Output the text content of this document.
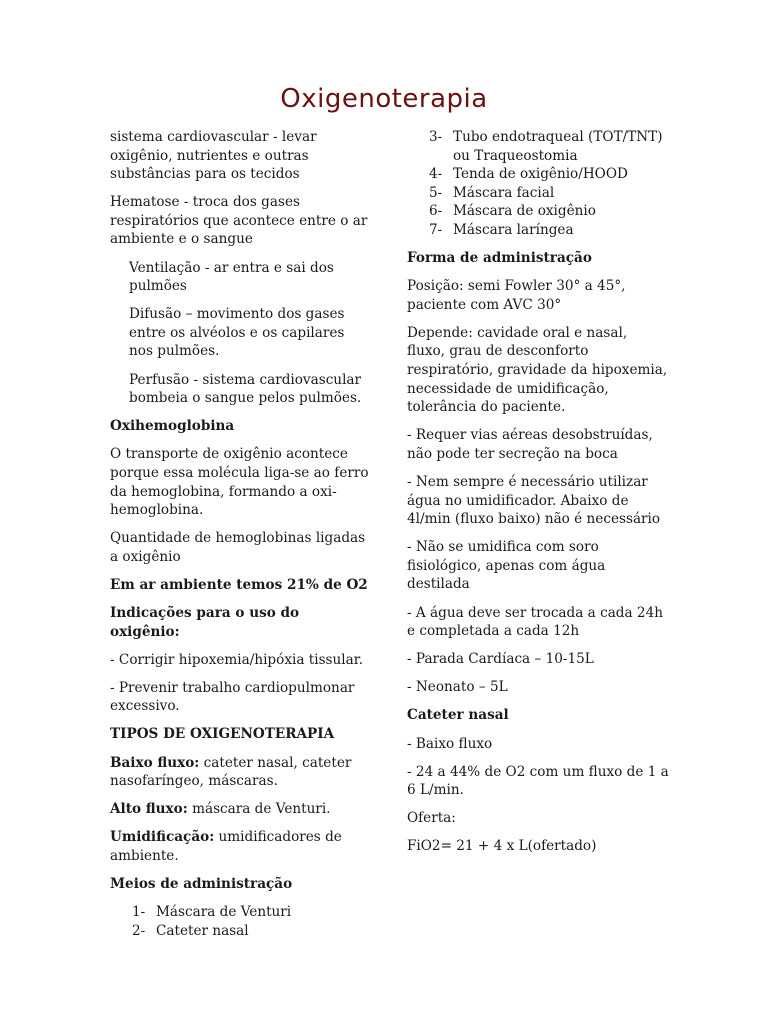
Oxigenoterapia

sistema cardiovascular - levar oxigênio, nutrientes e outras substâncias para os tecidos

Hematose - troca dos gases respiratórios que acontece entre o ar ambiente e o sangue

Ventilação - ar entra e sai dos pulmões

Difusão – movimento dos gases entre os alvéolos e os capilares nos pulmões.

Perfusão - sistema cardiovascular bombeia o sangue pelos pulmões.

Oxihemoglobina

O transporte de oxigênio acontece porque essa molécula liga-se ao ferro da hemoglobina, formando a oxi-hemoglobina.

Quantidade de hemoglobinas ligadas a oxigênio

Em ar ambiente temos 21% de O2

Indicações para o uso do oxigênio:

- Corrigir hipoxemia/hipóxia tissular.

- Prevenir trabalho cardiopulmonar excessivo.

TIPOS DE OXIGENOTERAPIA

Baixo fluxo: cateter nasal, cateter nasofaríngeo, máscaras.

Alto fluxo: máscara de Venturi.

Umidificação: umidificadores de ambiente.

Meios de administração

1- Máscara de Venturi
2- Cateter nasal
3- Tubo endotraqueal (TOT/TNT) ou Traqueostomia
4- Tenda de oxigênio/HOOD
5- Máscara facial
6- Máscara de oxigênio
7- Máscara laríngea

Forma de administração

Posição: semi Fowler 30° a 45°, paciente com AVC 30°

Depende: cavidade oral e nasal, fluxo, grau de desconforto respiratório, gravidade da hipoxemia, necessidade de umidificação, tolerância do paciente.

- Requer vias aéreas desobstruídas, não pode ter secreção na boca

- Nem sempre é necessário utilizar água no umidificador. Abaixo de 4l/min (fluxo baixo) não é necessário

- Não se umidifica com soro fisiológico, apenas com água destilada

- A água deve ser trocada a cada 24h e completada a cada 12h

- Parada Cardíaca – 10-15L

- Neonato – 5L

Cateter nasal

- Baixo fluxo

- 24 a 44% de O2 com um fluxo de 1 a 6 L/min.

Oferta:

FiO2= 21 + 4 x L(ofertado)
